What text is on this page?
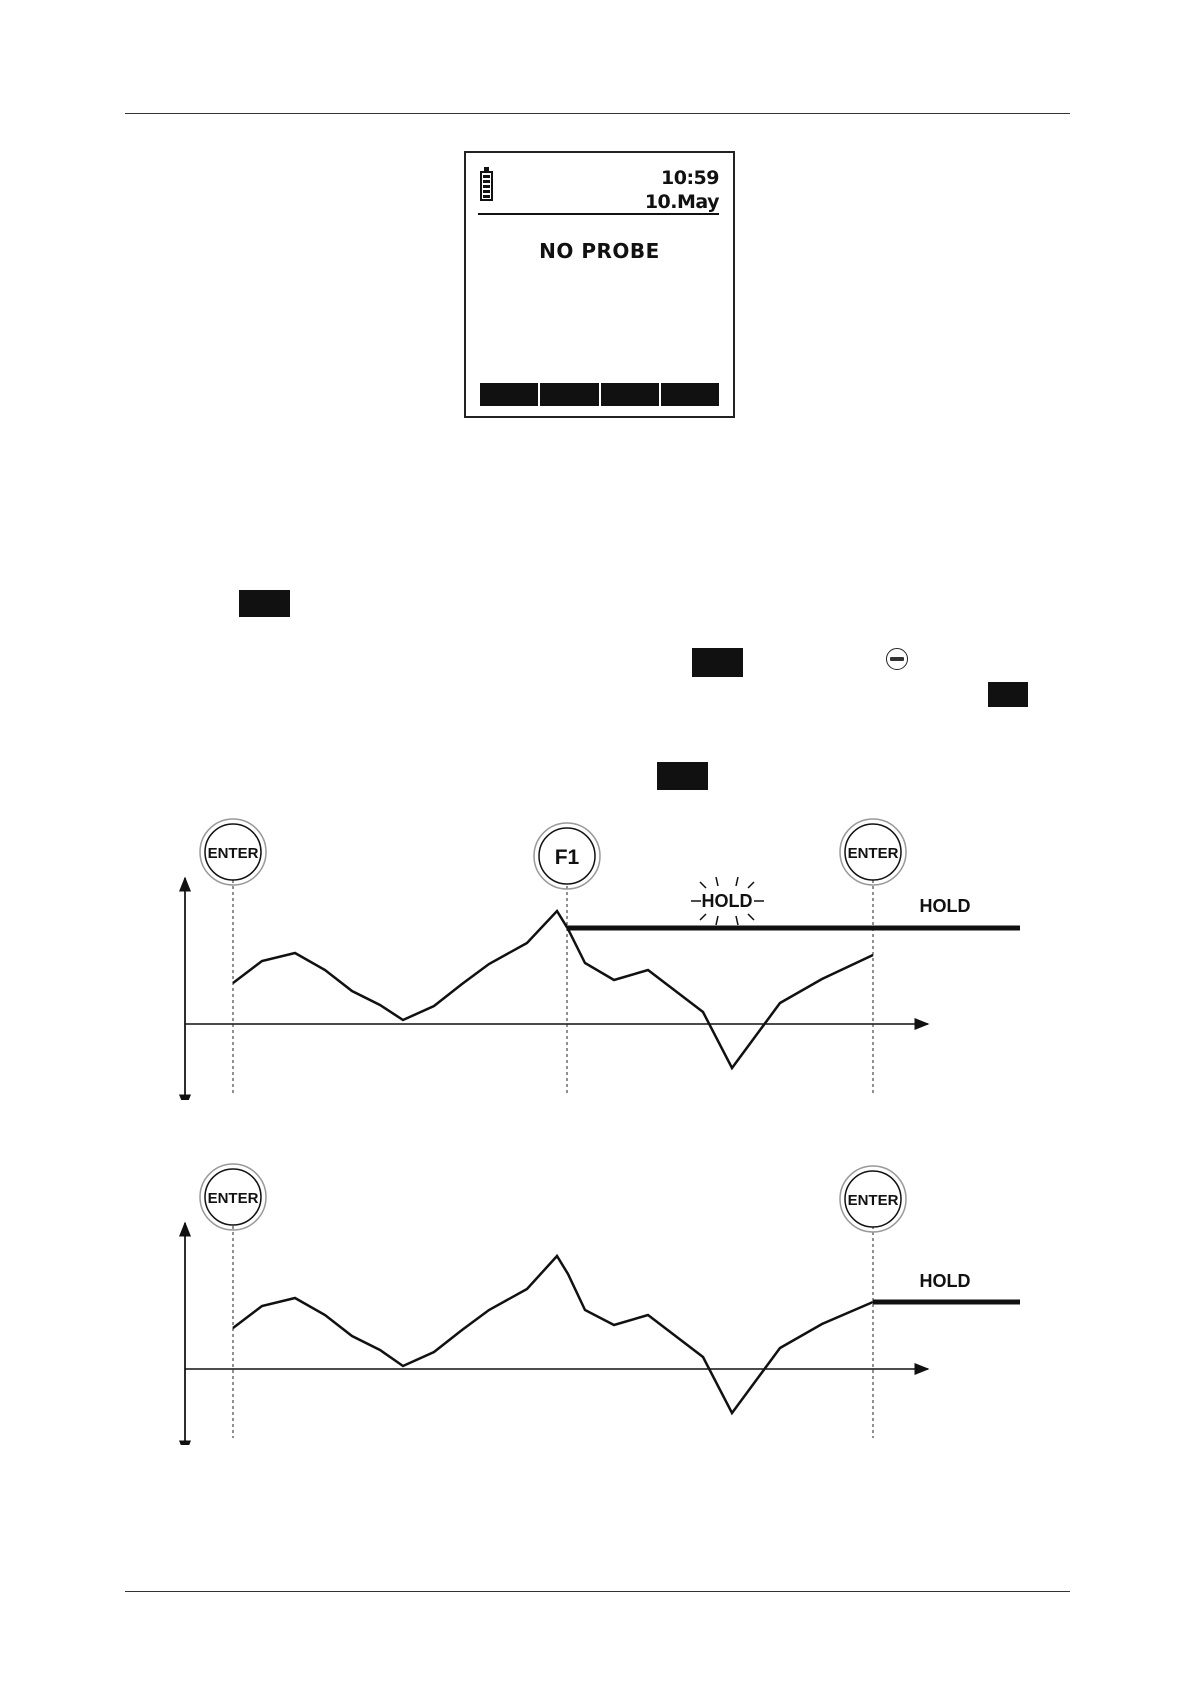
10:59
10.May
NO PROBE
ENTER	F1	ENTER
HOLD	HOLD
ENTER	ENTER
HOLD
